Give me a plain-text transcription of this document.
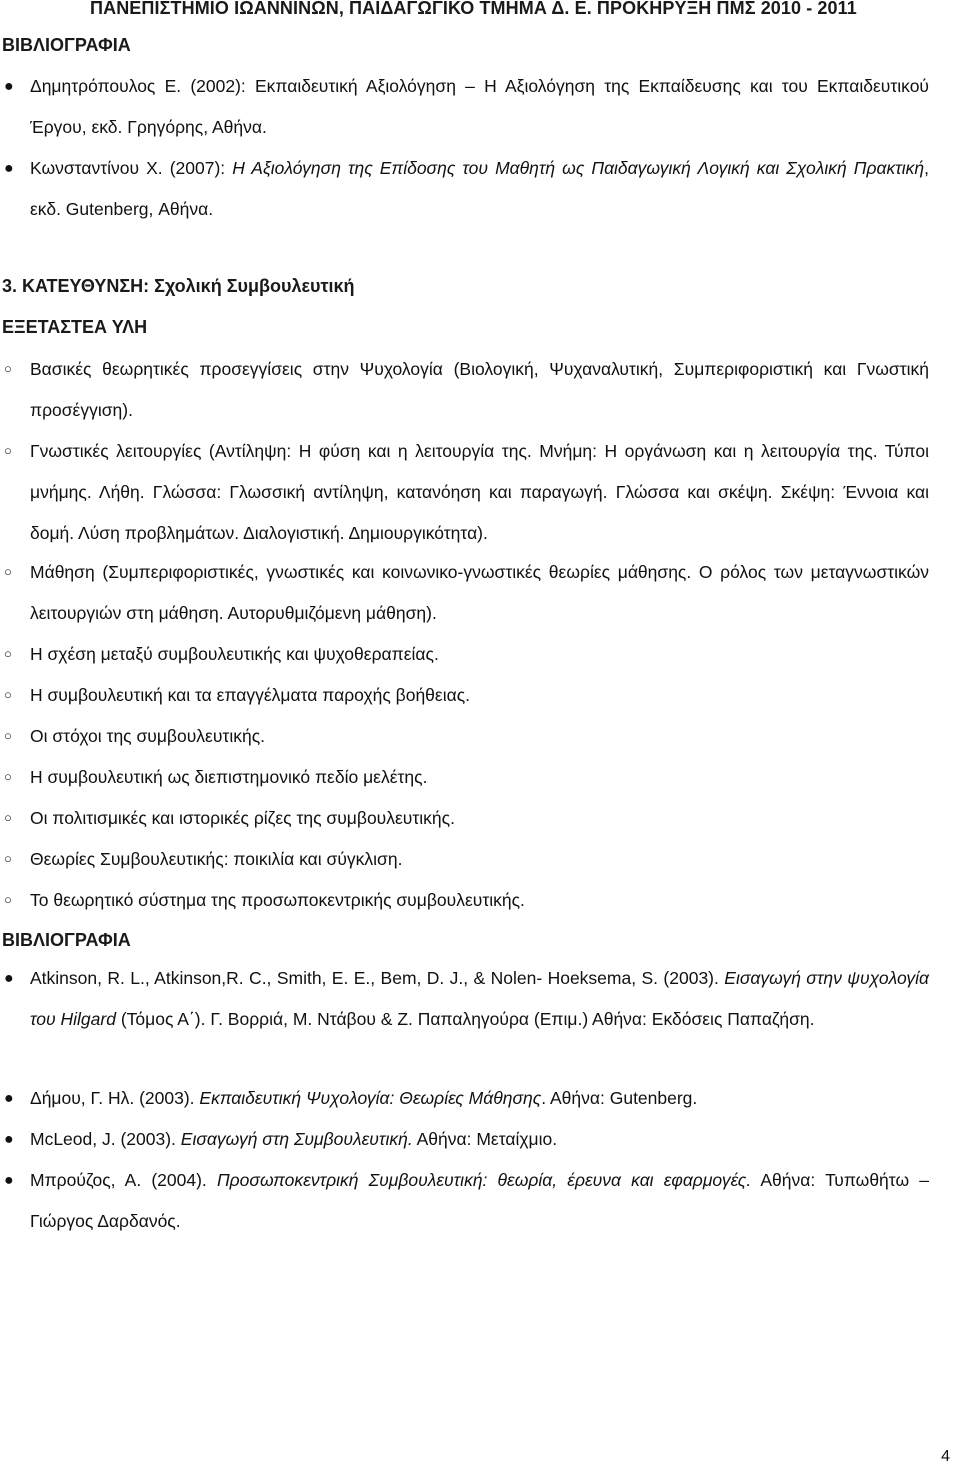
ΠΑΝΕΠΙΣΤΗΜΙΟ ΙΩΑΝΝΙΝΩΝ, ΠΑΙΔΑΓΩΓΙΚΟ ΤΜΗΜΑ Δ. Ε. ΠΡΟΚΗΡΥΞΗ ΠΜΣ 2010 - 2011
ΒΙΒΛΙΟΓΡΑΦΙΑ
● Δημητρόπουλος Ε. (2002): Εκπαιδευτική Αξιολόγηση – Η Αξιολόγηση της Εκπαίδευσης και του Εκπαιδευτικού Έργου, εκδ. Γρηγόρης, Αθήνα.
● Κωνσταντίνου Χ. (2007): Η Αξιολόγηση της Επίδοσης του Μαθητή ως Παιδαγωγική Λογική και Σχολική Πρακτική, εκδ. Gutenberg, Αθήνα.
3. ΚΑΤΕΥΘΥΝΣΗ: Σχολική Συμβουλευτική
ΕΞΕΤΑΣΤΕΑ ΥΛΗ
○ Βασικές θεωρητικές προσεγγίσεις στην Ψυχολογία (Βιολογική, Ψυχαναλυτική, Συμπεριφοριστική και Γνωστική προσέγγιση).
○ Γνωστικές λειτουργίες (Αντίληψη: Η φύση και η λειτουργία της. Μνήμη: Η οργάνωση και η λειτουργία της. Τύποι μνήμης. Λήθη. Γλώσσα: Γλωσσική αντίληψη, κατανόηση και παραγωγή. Γλώσσα και σκέψη. Σκέψη: Έννοια και δομή. Λύση προβλημάτων. Διαλογιστική. Δημιουργικότητα).
○ Μάθηση (Συμπεριφοριστικές, γνωστικές και κοινωνικο-γνωστικές θεωρίες μάθησης. Ο ρόλος των μεταγνωστικών λειτουργιών στη μάθηση. Αυτορυθμιζόμενη μάθηση).
○ Η σχέση μεταξύ συμβουλευτικής και ψυχοθεραπείας.
○ Η συμβουλευτική και τα επαγγέλματα παροχής βοήθειας.
○ Οι στόχοι της συμβουλευτικής.
○ Η συμβουλευτική ως διεπιστημονικό πεδίο μελέτης.
○ Οι πολιτισμικές και ιστορικές ρίζες της συμβουλευτικής.
○ Θεωρίες Συμβουλευτικής: ποικιλία και σύγκλιση.
○ Το θεωρητικό σύστημα της προσωποκεντρικής συμβουλευτικής.
ΒΙΒΛΙΟΓΡΑΦΙΑ
● Atkinson, R. L., Atkinson,R. C., Smith, E. E., Bem, D. J., & Nolen- Hoeksema, S. (2003). Εισαγωγή στην ψυχολογία του Hilgard (Τόμος Α΄). Γ. Βορριά, Μ. Ντάβου & Ζ. Παπαληγούρα (Επιμ.) Αθήνα: Εκδόσεις Παπαζήση.
● Δήμου, Γ. Ηλ. (2003). Εκπαιδευτική Ψυχολογία: Θεωρίες Μάθησης. Αθήνα: Gutenberg.
● McLeod, J. (2003). Εισαγωγή στη Συμβουλευτική. Αθήνα: Μεταίχμιο.
● Μπρούζος, Α. (2004). Προσωποκεντρική Συμβουλευτική: θεωρία, έρευνα και εφαρμογές. Αθήνα: Τυπωθήτω – Γιώργος Δαρδανός.
4
